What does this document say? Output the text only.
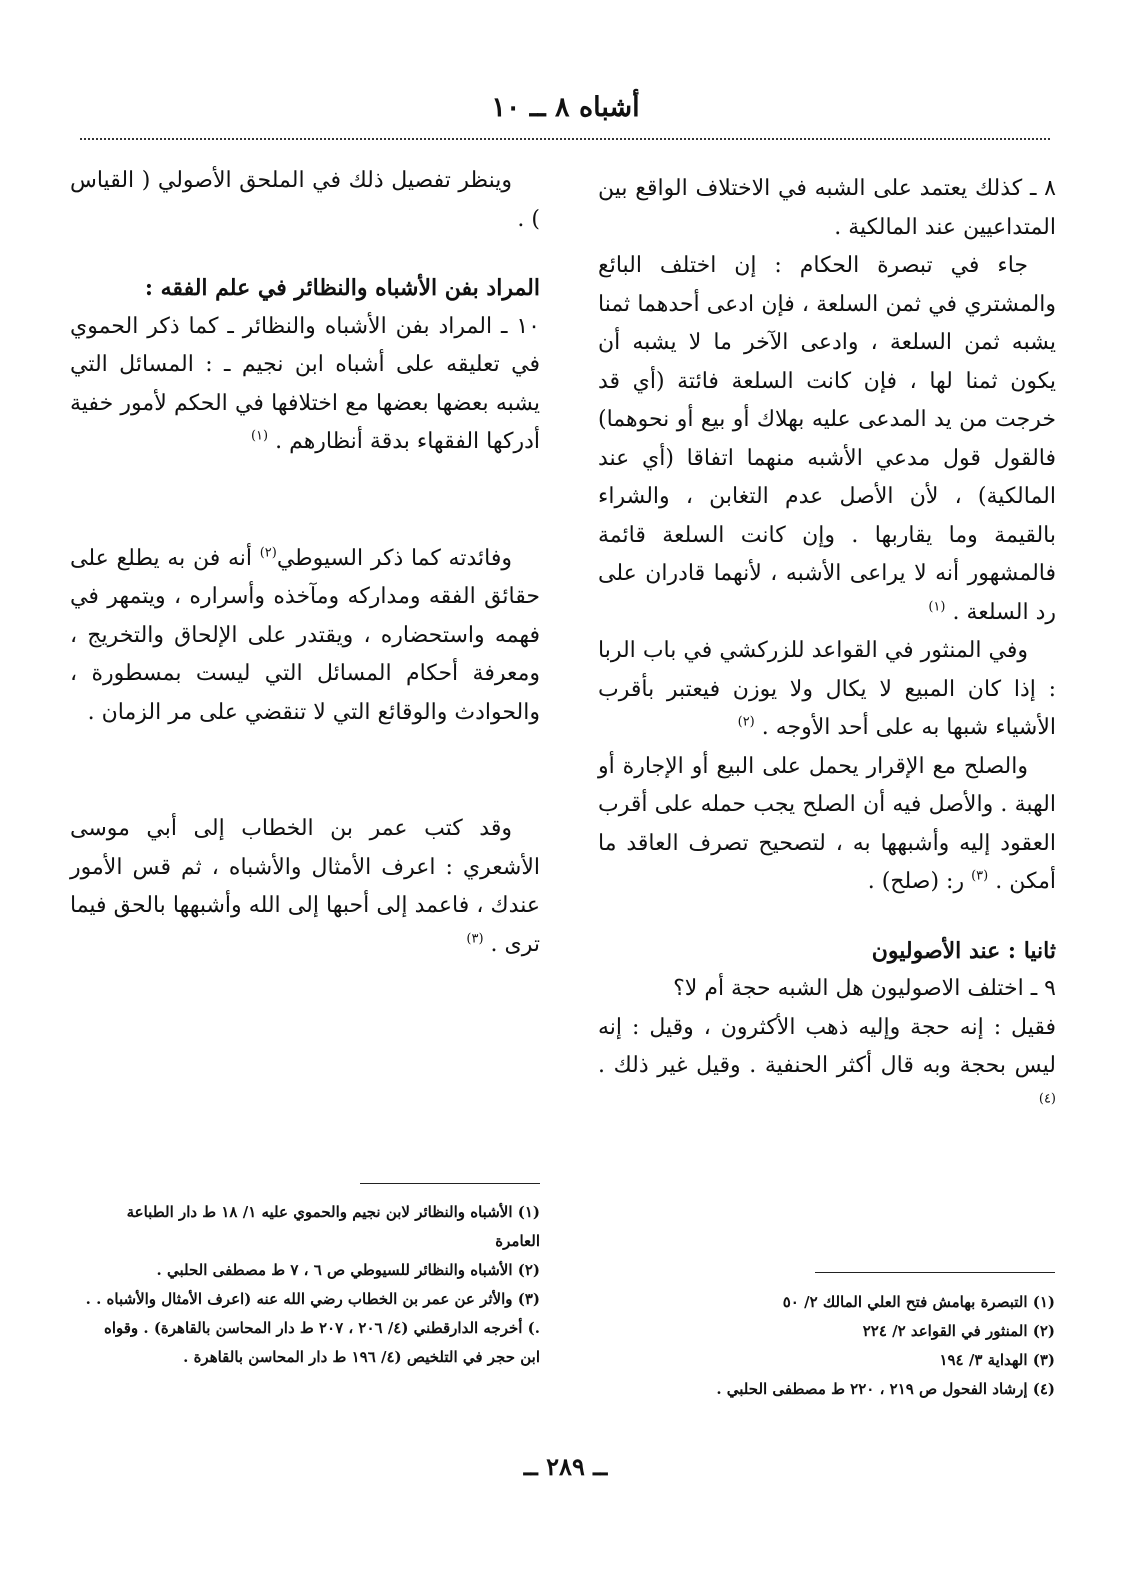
أشباه ٨ ــ ١٠

٨ ـ كذلك يعتمد على الشبه في الاختلاف الواقع بين المتداعيين عند المالكية .

جاء في تبصرة الحكام : إن اختلف البائع والمشتري في ثمن السلعة ، فإن ادعى أحدهما ثمنا يشبه ثمن السلعة ، وادعى الآخر ما لا يشبه أن يكون ثمنا لها ، فإن كانت السلعة فائتة (أي قد خرجت من يد المدعى عليه بهلاك أو بيع أو نحوهما) فالقول قول مدعي الأشبه منهما اتفاقا (أي عند المالكية) ، لأن الأصل عدم التغابن ، والشراء بالقيمة وما يقاربها . وإن كانت السلعة قائمة فالمشهور أنه لا يراعى الأشبه ، لأنهما قادران على رد السلعة . $^{(١)}$

وفي المنثور في القواعد للزركشي في باب الربا : إذا كان المبيع لا يكال ولا يوزن فيعتبر بأقرب الأشياء شبها به على أحد الأوجه . $^{(٢)}$

والصلح مع الإقرار يحمل على البيع أو الإجارة أو الهبة . والأصل فيه أن الصلح يجب حمله على أقرب العقود إليه وأشبهها به ، لتصحيح تصرف العاقد ما أمكن . $^{(٣)}$ ر: (صلح) .

ثانيا : عند الأصوليون

٩ ـ اختلف الاصوليون هل الشبه حجة أم لا؟

فقيل : إنه حجة وإليه ذهب الأكثرون ، وقيل : إنه ليس بحجة وبه قال أكثر الحنفية . وقيل غير ذلك . $^{(٤)}$

وينظر تفصيل ذلك في الملحق الأصولي ( القياس ) .

المراد بفن الأشباه والنظائر في علم الفقه :

١٠ ـ المراد بفن الأشباه والنظائر ـ كما ذكر الحموي في تعليقه على أشباه ابن نجيم ـ : المسائل التي يشبه بعضها بعضها مع اختلافها في الحكم لأمور خفية أدركها الفقهاء بدقة أنظارهم . $^{(١)}$

وفائدته كما ذكر السيوطي$^{(٢)}$ أنه فن به يطلع على حقائق الفقه ومداركه ومآخذه وأسراره ، ويتمهر في فهمه واستحضاره ، ويقتدر على الإلحاق والتخريج ، ومعرفة أحكام المسائل التي ليست بمسطورة ، والحوادث والوقائع التي لا تنقضي على مر الزمان .

وقد كتب عمر بن الخطاب إلى أبي موسى الأشعري : اعرف الأمثال والأشباه ، ثم قس الأمور عندك ، فاعمد إلى أحبها إلى الله وأشبهها بالحق فيما ترى . $^{(٣)}$

(١) الأشباه والنظائر لابن نجيم والحموي عليه ١/ ١٨ ط دار الطباعة العامرة

(٢) الأشباه والنظائر للسيوطي ص ٦ ، ٧ ط مصطفى الحلبي .

(٣) والأثر عن عمر بن الخطاب رضي الله عنه (اعرف الأمثال والأشباه . . .) أخرجه الدارقطني (٤/ ٢٠٦ ، ٢٠٧ ط دار المحاسن بالقاهرة) . وقواه ابن حجر في التلخيص (٤/ ١٩٦ ط دار المحاسن بالقاهرة .

(١) التبصرة بهامش فتح العلي المالك ٢/ ٥٠

(٢) المنثور في القواعد ٢/ ٢٢٤

(٣) الهداية ٣/ ١٩٤

(٤) إرشاد الفحول ص ٢١٩ ، ٢٢٠ ط مصطفى الحلبي .

ــ ٢٨٩ ــ
